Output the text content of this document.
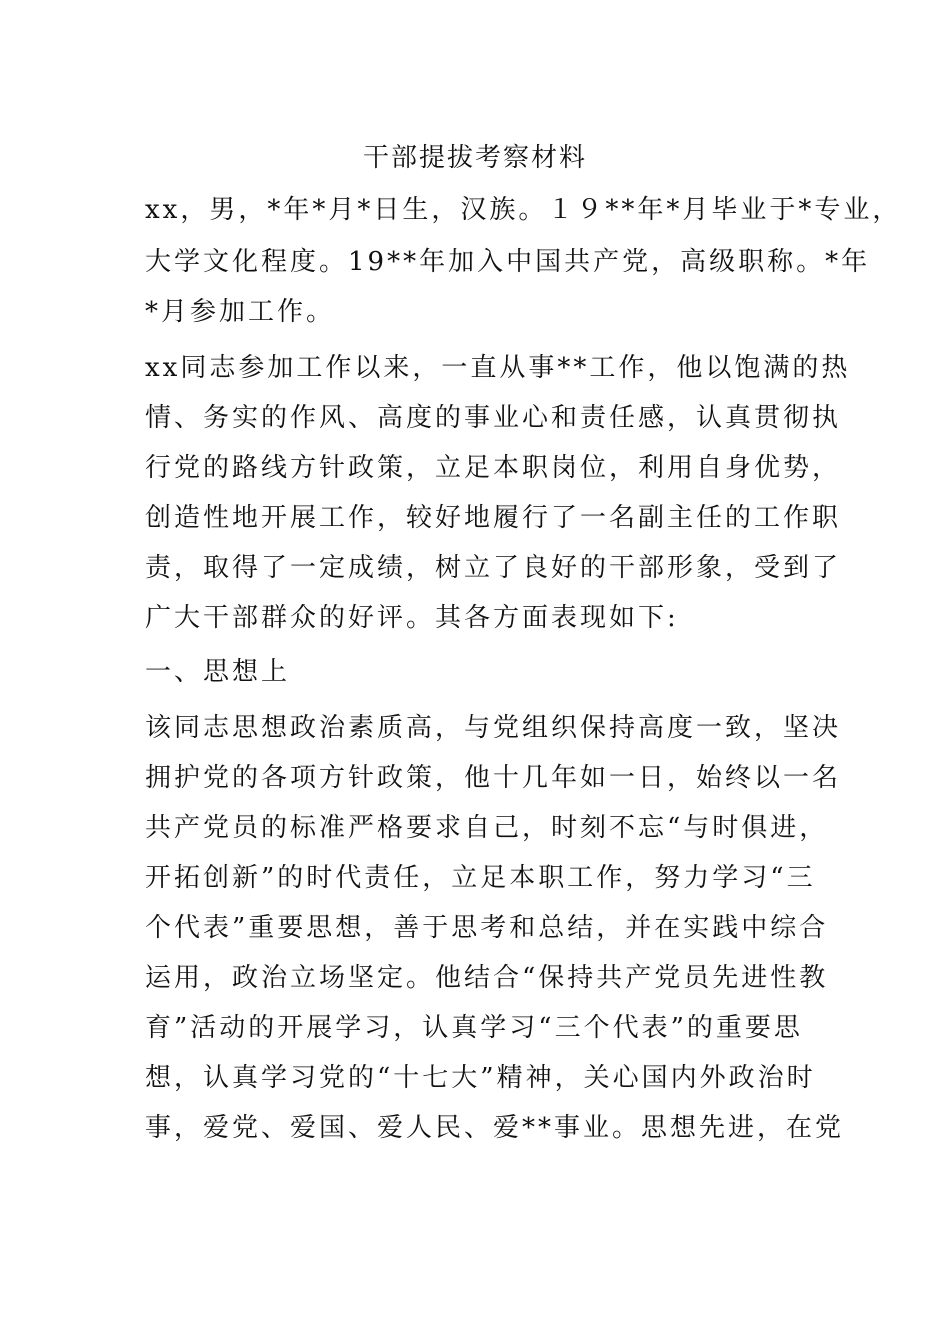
干部提拔考察材料
xx，男，*年*月*日生，汉族。１９**年*月毕业于*专业，
大学文化程度。19**年加入中国共产党，高级职称。*年
*月参加工作。
xx同志参加工作以来，一直从事**工作，他以饱满的热
情、务实的作风、高度的事业心和责任感，认真贯彻执
行党的路线方针政策，立足本职岗位，利用自身优势，
创造性地开展工作，较好地履行了一名副主任的工作职
责，取得了一定成绩，树立了良好的干部形象，受到了
广大干部群众的好评。其各方面表现如下:
一、思想上
该同志思想政治素质高，与党组织保持高度一致，坚决
拥护党的各项方针政策，他十几年如一日，始终以一名
共产党员的标准严格要求自己，时刻不忘“与时俱进，
开拓创新”的时代责任，立足本职工作，努力学习“三
个代表”重要思想，善于思考和总结，并在实践中综合
运用，政治立场坚定。他结合“保持共产党员先进性教
育”活动的开展学习，认真学习“三个代表”的重要思
想，认真学习党的“十七大”精神，关心国内外政治时
事，爱党、爱国、爱人民、爱**事业。思想先进，在党
